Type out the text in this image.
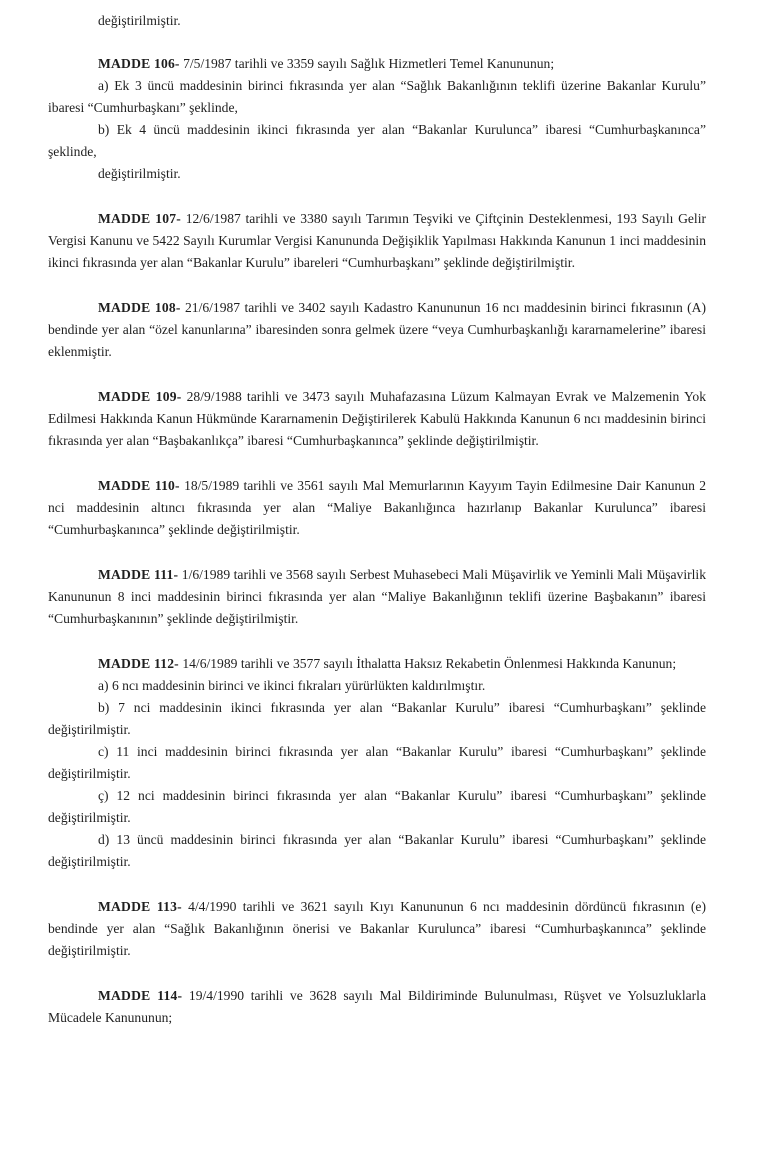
değiştirilmiştir.

MADDE 106- 7/5/1987 tarihli ve 3359 sayılı Sağlık Hizmetleri Temel Kanununun;

a) Ek 3 üncü maddesinin birinci fıkrasında yer alan “Sağlık Bakanlığının teklifi üzerine Bakanlar Kurulu” ibaresi “Cumhurbaşkanı” şeklinde,

b) Ek 4 üncü maddesinin ikinci fıkrasında yer alan “Bakanlar Kurulunca” ibaresi “Cumhurbaşkanınca” şeklinde,

değiştirilmiştir.

MADDE 107- 12/6/1987 tarihli ve 3380 sayılı Tarımın Teşviki ve Çiftçinin Desteklenmesi, 193 Sayılı Gelir Vergisi Kanunu ve 5422 Sayılı Kurumlar Vergisi Kanununda Değişiklik Yapılması Hakkında Kanunun 1 inci maddesinin ikinci fıkrasında yer alan “Bakanlar Kurulu” ibareleri “Cumhurbaşkanı” şeklinde değiştirilmiştir.

MADDE 108- 21/6/1987 tarihli ve 3402 sayılı Kadastro Kanununun 16 ncı maddesinin birinci fıkrasının (A) bendinde yer alan “özel kanunlarına” ibaresinden sonra gelmek üzere “veya Cumhurbaşkanlığı kararnamelerine” ibaresi eklenmiştir.

MADDE 109- 28/9/1988 tarihli ve 3473 sayılı Muhafazasına Lüzum Kalmayan Evrak ve Malzemenin Yok Edilmesi Hakkında Kanun Hükmünde Kararnamenin Değiştirilerek Kabulü Hakkında Kanunun 6 ncı maddesinin birinci fıkrasında yer alan “Başbakanlıkça” ibaresi “Cumhurbaşkanınca” şeklinde değiştirilmiştir.

MADDE 110- 18/5/1989 tarihli ve 3561 sayılı Mal Memurlarının Kayyım Tayin Edilmesine Dair Kanunun 2 nci maddesinin altıncı fıkrasında yer alan “Maliye Bakanlığınca hazırlanıp Bakanlar Kurulunca” ibaresi “Cumhurbaşkanınca” şeklinde değiştirilmiştir.

MADDE 111- 1/6/1989 tarihli ve 3568 sayılı Serbest Muhasebeci Mali Müşavirlik ve Yeminli Mali Müşavirlik Kanununun 8 inci maddesinin birinci fıkrasında yer alan “Maliye Bakanlığının teklifi üzerine Başbakanın” ibaresi “Cumhurbaşkanının” şeklinde değiştirilmiştir.

MADDE 112- 14/6/1989 tarihli ve 3577 sayılı İthalatta Haksız Rekabetin Önlenmesi Hakkında Kanunun;

a) 6 ncı maddesinin birinci ve ikinci fıkraları yürürlükten kaldırılmıştır.

b) 7 nci maddesinin ikinci fıkrasında yer alan “Bakanlar Kurulu” ibaresi “Cumhurbaşkanı” şeklinde değiştirilmiştir.

c) 11 inci maddesinin birinci fıkrasında yer alan “Bakanlar Kurulu” ibaresi “Cumhurbaşkanı” şeklinde değiştirilmiştir.

ç) 12 nci maddesinin birinci fıkrasında yer alan “Bakanlar Kurulu” ibaresi “Cumhurbaşkanı” şeklinde değiştirilmiştir.

d) 13 üncü maddesinin birinci fıkrasında yer alan “Bakanlar Kurulu” ibaresi “Cumhurbaşkanı” şeklinde değiştirilmiştir.

MADDE 113- 4/4/1990 tarihli ve 3621 sayılı Kıyı Kanununun 6 ncı maddesinin dördüncü fıkrasının (e) bendinde yer alan “Sağlık Bakanlığının önerisi ve Bakanlar Kurulunca” ibaresi “Cumhurbaşkanınca” şeklinde değiştirilmiştir.

MADDE 114- 19/4/1990 tarihli ve 3628 sayılı Mal Bildiriminde Bulunulması, Rüşvet ve Yolsuzluklarla Mücadele Kanununun;
